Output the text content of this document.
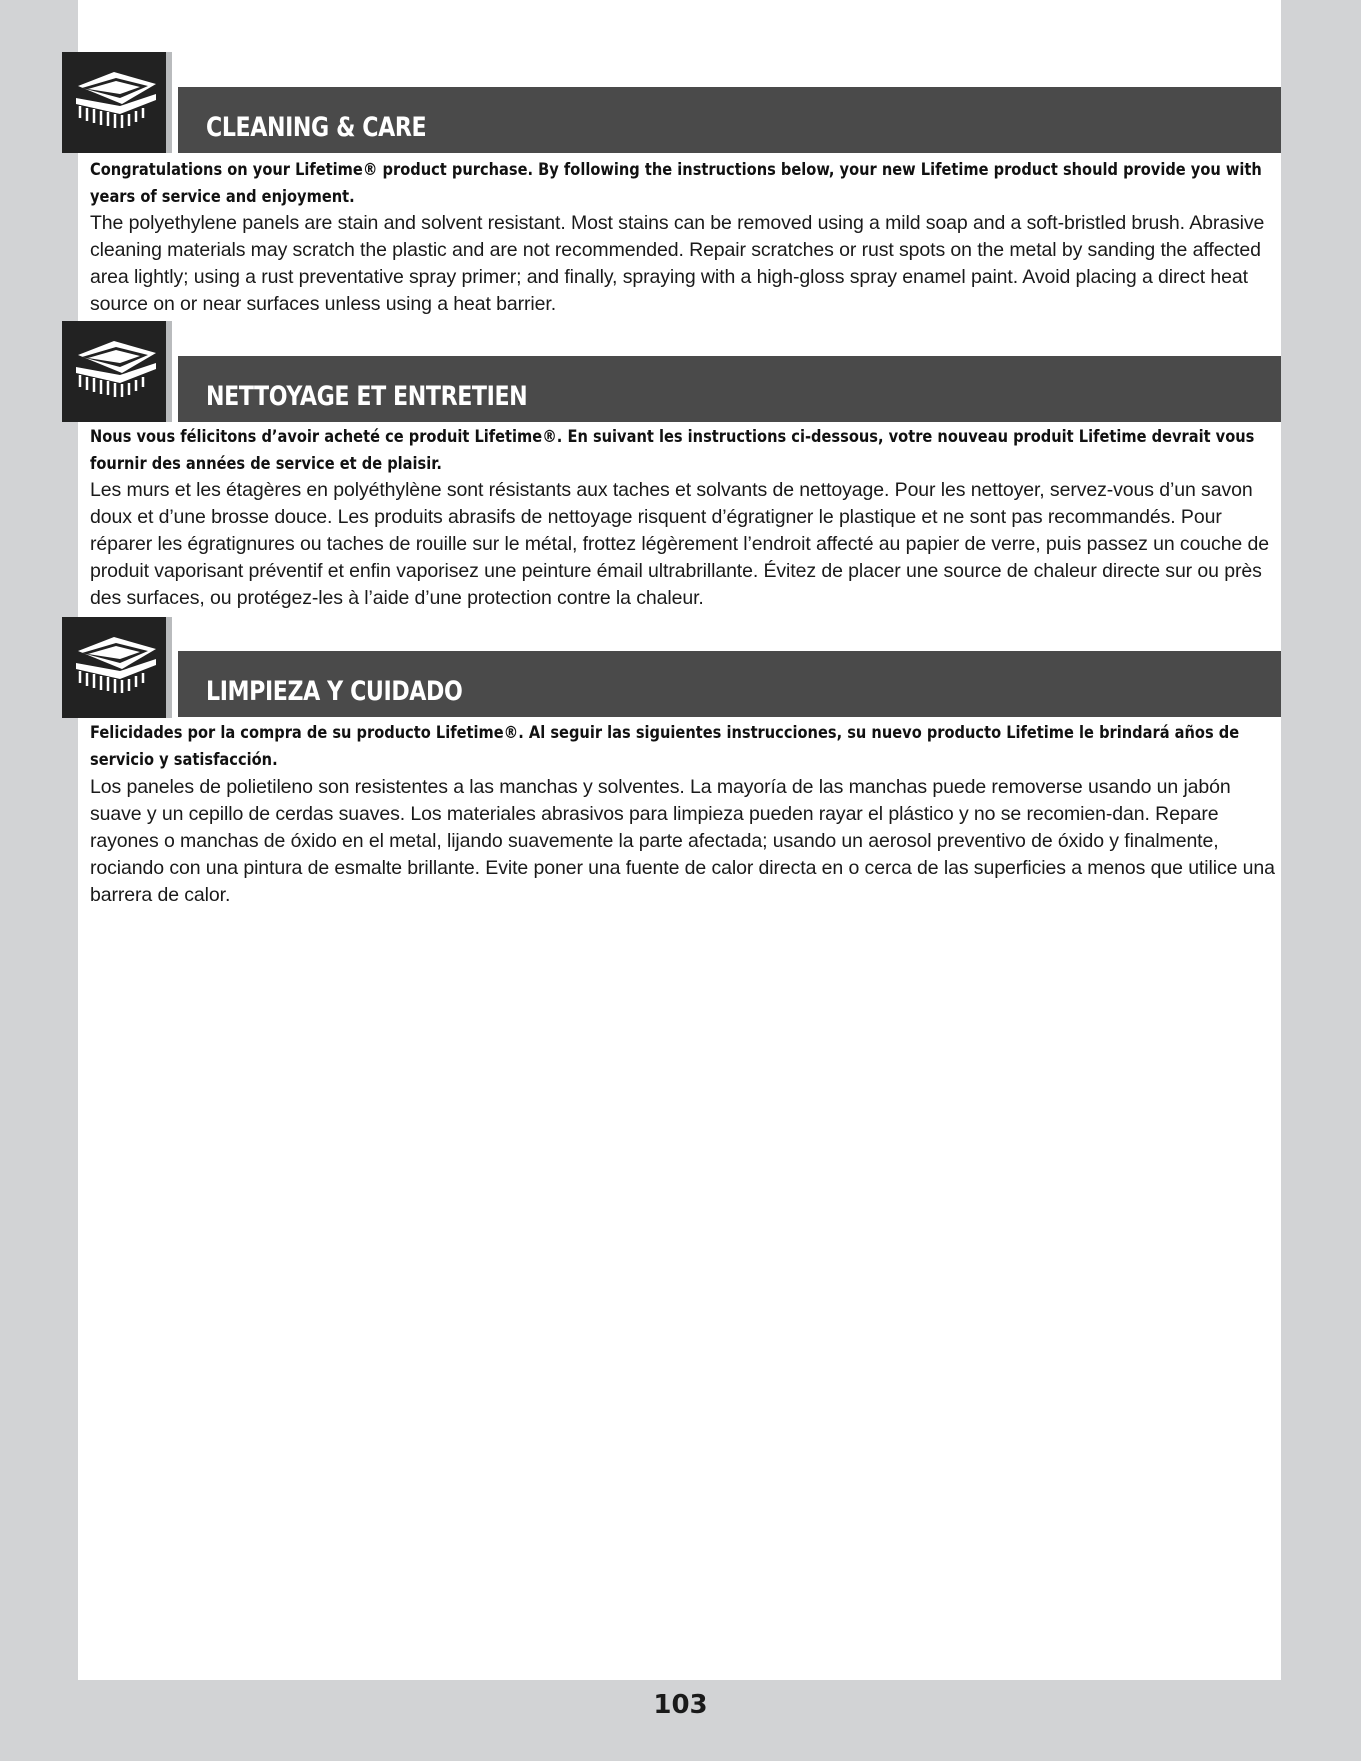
CLEANING & CARE
Congratulations on your Lifetime® product purchase. By following the instructions below, your new Lifetime product should provide you with years of service and enjoyment.
The polyethylene panels are stain and solvent resistant. Most stains can be removed using a mild soap and a soft-bristled brush. Abrasive cleaning materials may scratch the plastic and are not recommended. Repair scratches or rust spots on the metal by sanding the affected area lightly; using a rust preventative spray primer; and finally, spraying with a high-gloss spray enamel paint. Avoid placing a direct heat source on or near surfaces unless using a heat barrier.
NETTOYAGE ET ENTRETIEN
Nous vous félicitons d’avoir acheté ce produit Lifetime®. En suivant les instructions ci-dessous, votre nouveau produit Lifetime devrait vous fournir des années de service et de plaisir.
Les murs et les étagères en polyéthylène sont résistants aux taches et solvants de nettoyage. Pour les nettoyer, servez-vous d’un savon doux et d’une brosse douce. Les produits abrasifs de nettoyage risquent d’égratigner le plastique et ne sont pas recommandés. Pour réparer les égratignures ou taches de rouille sur le métal, frottez légèrement l’endroit affecté au papier de verre, puis passez un couche de produit vaporisant préventif et enfin vaporisez une peinture émail ultrabrillante. Évitez de placer une source de chaleur directe sur ou près des surfaces, ou protégez-les à l’aide d’une protection contre la chaleur.
LIMPIEZA Y CUIDADO
Felicidades por la compra de su producto Lifetime®. Al seguir las siguientes instrucciones, su nuevo producto Lifetime le brindará años de servicio y satisfacción.
Los paneles de polietileno son resistentes a las manchas y solventes. La mayoría de las manchas puede removerse usando un jabón suave y un cepillo de cerdas suaves. Los materiales abrasivos para limpieza pueden rayar el plástico y no se recomien-dan. Repare rayones o manchas de óxido en el metal, lijando suavemente la parte afectada; usando un aerosol preventivo de óxido y finalmente, rociando con una pintura de esmalte brillante. Evite poner una fuente de calor directa en o cerca de las superficies a menos que utilice una barrera de calor.
103
